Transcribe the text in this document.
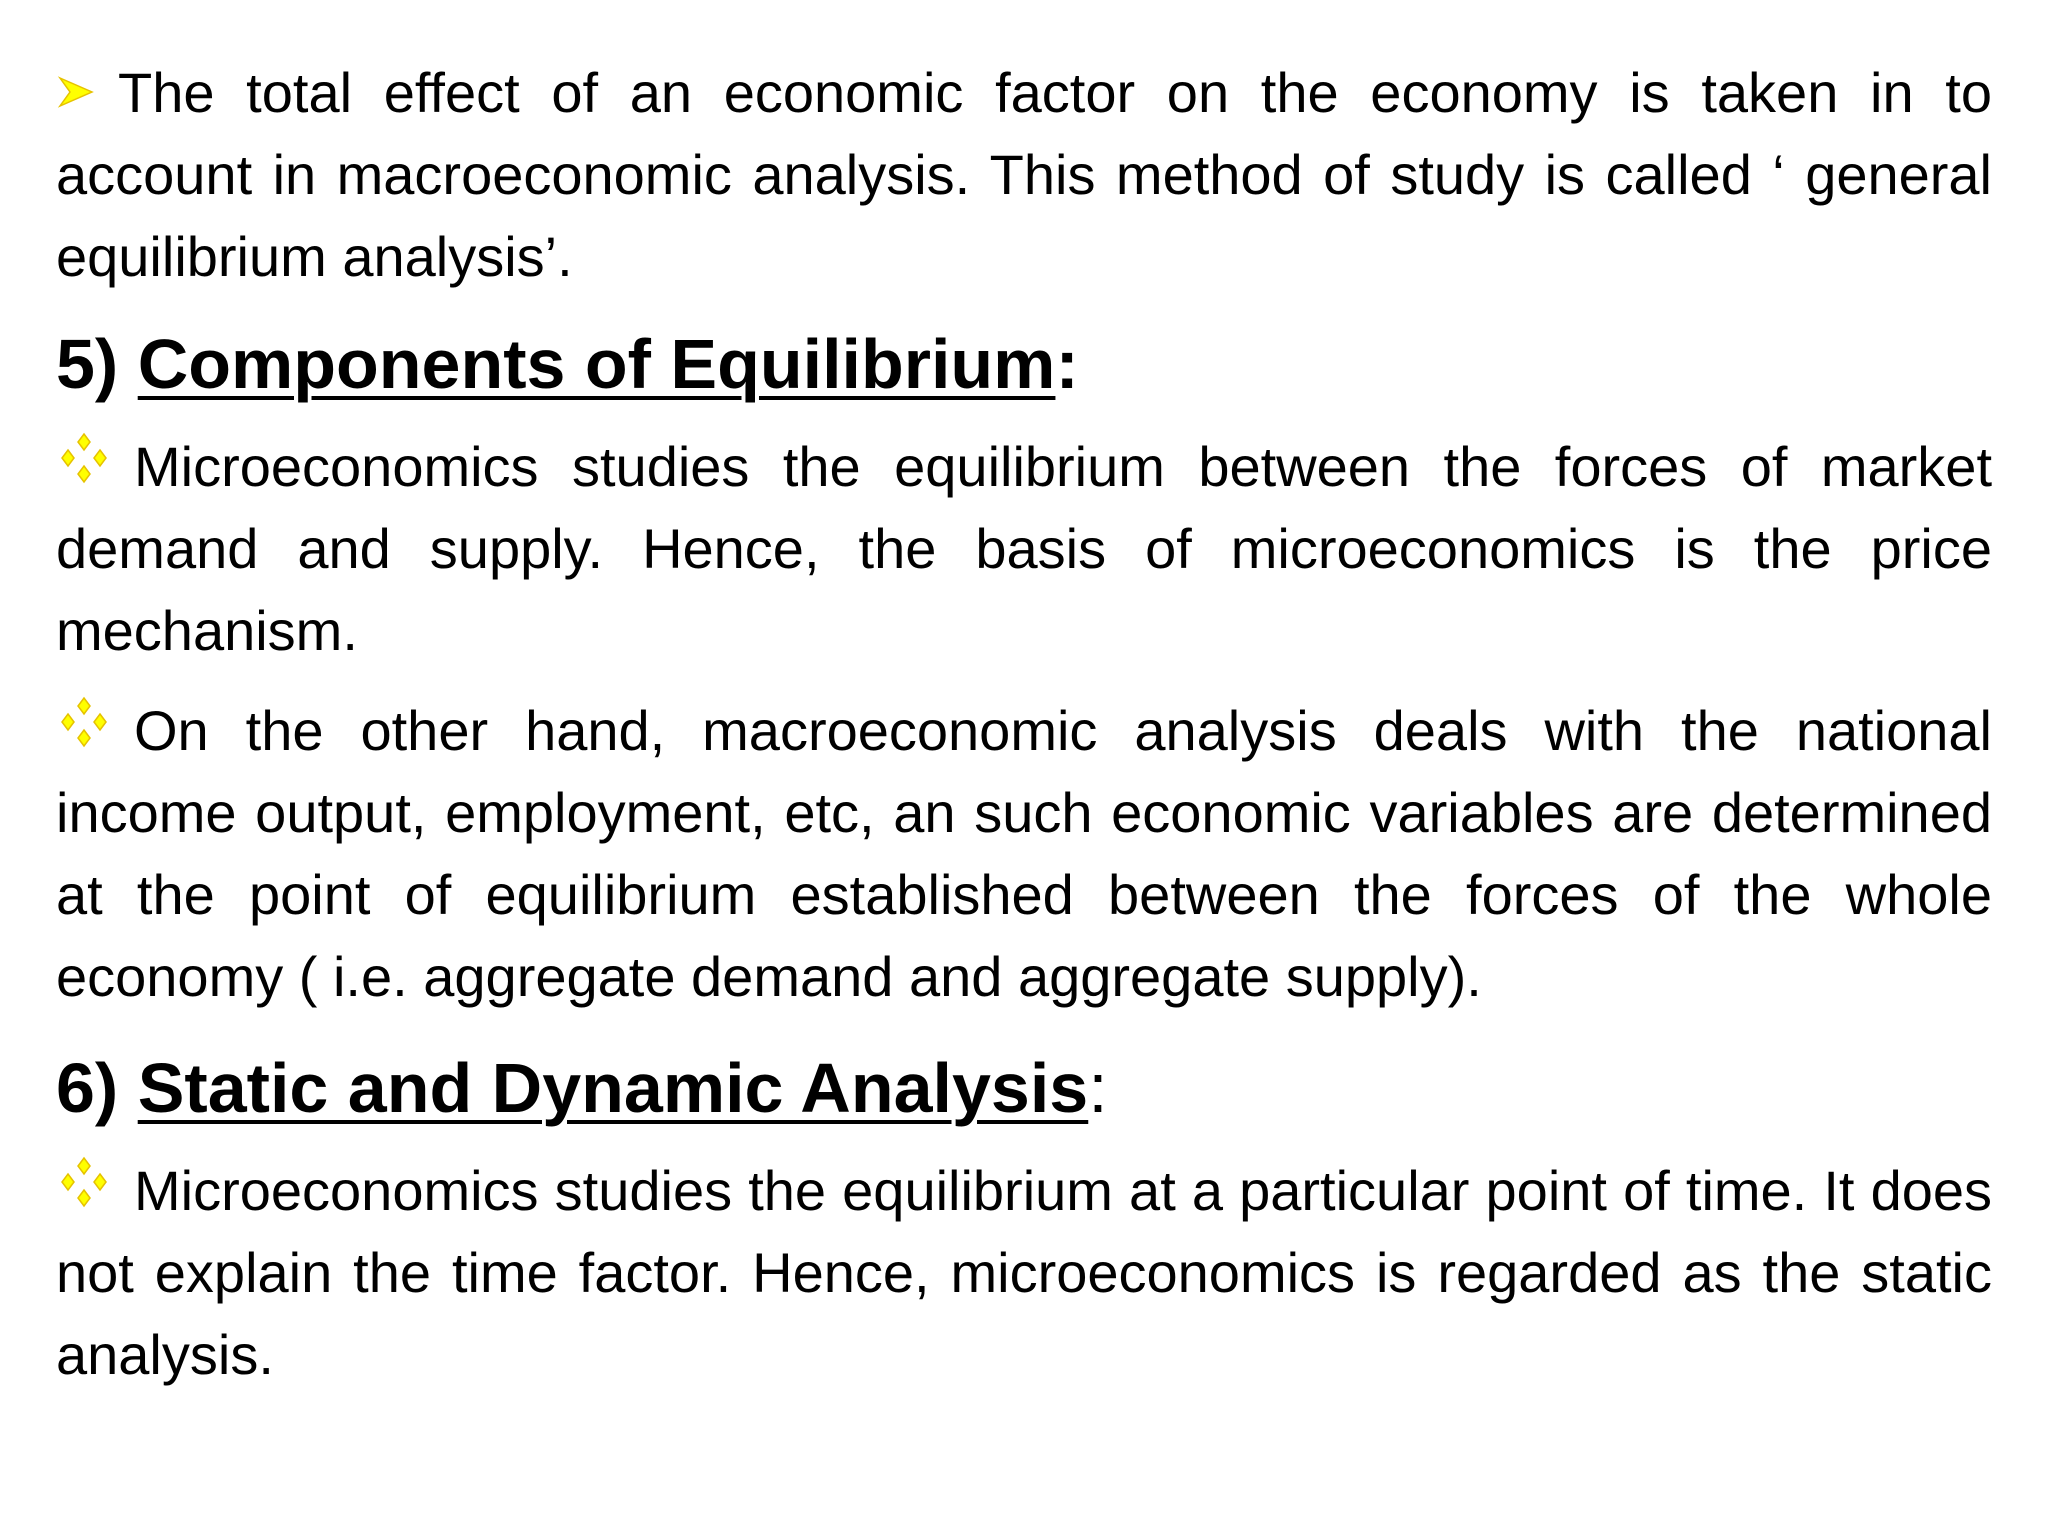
The total effect of an economic factor on the economy is taken in to account in macroeconomic analysis. This method of study is called ‘ general equilibrium analysis’.

5) Components of Equilibrium:

Microeconomics studies the equilibrium between the forces of market demand and supply. Hence, the basis of microeconomics is the price mechanism.

On the other hand, macroeconomic analysis deals with the national income output, employment, etc, an such economic variables are determined at the point of equilibrium established between the forces of the whole economy ( i.e. aggregate demand and aggregate supply).

6) Static and Dynamic Analysis:

Microeconomics studies the equilibrium at a particular point of time. It does not explain the time factor. Hence, microeconomics is regarded as the static analysis.
